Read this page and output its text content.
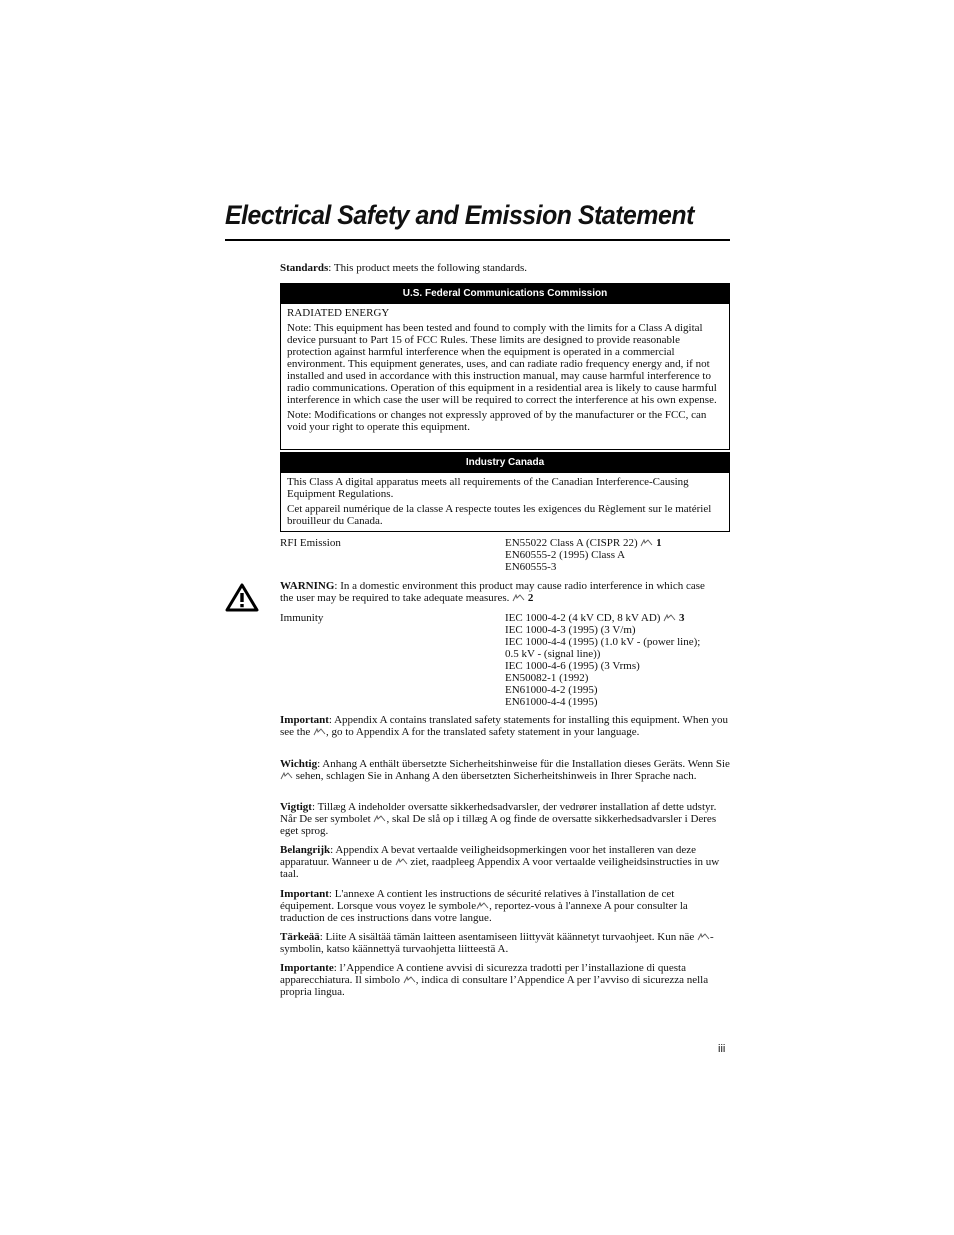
Electrical Safety and Emission Statement
Standards: This product meets the following standards.
U.S. Federal Communications Commission

RADIATED ENERGY

Note: This equipment has been tested and found to comply with the limits for a Class A digital device pursuant to Part 15 of FCC Rules. These limits are designed to provide reasonable protection against harmful interference when the equipment is operated in a commercial environment. This equipment generates, uses, and can radiate radio frequency energy and, if not installed and used in accordance with this instruction manual, may cause harmful interference to radio communications. Operation of this equipment in a residential area is likely to cause harmful interference in which case the user will be required to correct the interference at his own expense.

Note: Modifications or changes not expressly approved of by the manufacturer or the FCC, can void your right to operate this equipment.

Industry Canada

This Class A digital apparatus meets all requirements of the Canadian Interference-Causing Equipment Regulations.

Cet appareil numérique de la classe A respecte toutes les exigences du Règlement sur le matériel brouilleur du Canada.

RFI Emission	EN55022 Class A (CISPR 22) 1
EN60555-2 (1995) Class A
EN60555-3
WARNING: In a domestic environment this product may cause radio interference in which case the user may be required to take adequate measures. 2
Immunity	IEC 1000-4-2 (4 kV CD, 8 kV AD) 3
IEC 1000-4-3 (1995) (3 V/m)
IEC 1000-4-4 (1995) (1.0 kV - (power line);
0.5 kV - (signal line))
IEC 1000-4-6 (1995) (3 Vrms)
EN50082-1 (1992)
EN61000-4-2 (1995)
EN61000-4-4 (1995)
Important: Appendix A contains translated safety statements for installing this equipment. When you see the
, go to Appendix A for the translated safety statement in your language.
Wichtig: Anhang A enthält übersetzte Sicherheitshinweise für die Installation dieses Geräts. Wenn Sie
sehen, schlagen Sie in Anhang A den übersetzten Sicherheitshinweis in Ihrer Sprache nach.
Vigtigt: Tillæg A indeholder oversatte sikkerhedsadvarsler, der vedrører installation af dette udstyr. Når De ser symbolet
, skal De slå op i tillæg A og finde de oversatte sikkerhedsadvarsler i Deres eget sprog.
Belangrijk: Appendix A bevat vertaalde veiligheidsopmerkingen voor het installeren van deze apparatuur. Wanneer u de
ziet, raadpleeg Appendix A voor vertaalde veiligheidsinstructies in uw taal.
Important: L'annexe A contient les instructions de sécurité relatives à l'installation de cet équipement. Lorsque vous voyez le symbole , reportez-vous à l'annexe A pour consulter la traduction de ces instructions dans votre langue.
Tärkeää: Liite A sisältää tämän laitteen asentamiseen liittyvät käännetyt turvaohjeet. Kun näe
-symbolin, katso käännettyä turvaohjetta liitteestä A.
Importante: l’Appendice A contiene avvisi di sicurezza tradotti per l’installazione di questa apparecchiatura. Il simbolo
, indica di consultare l’Appendice A per l’avviso di sicurezza nella propria lingua.
iii
